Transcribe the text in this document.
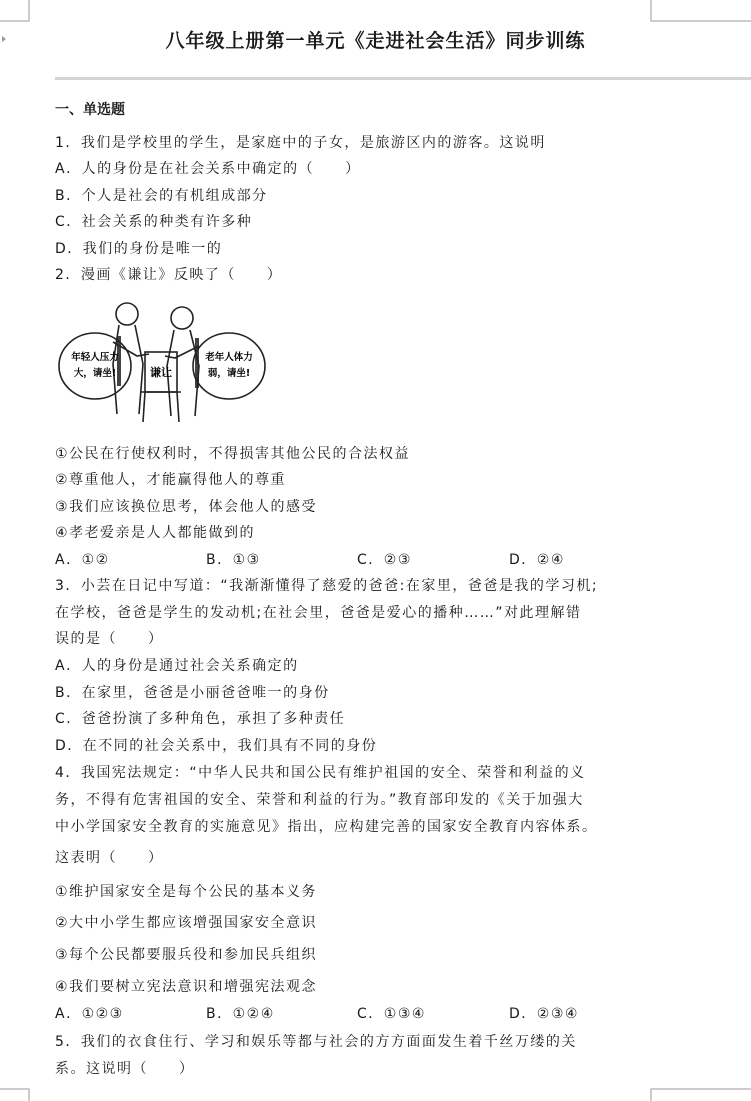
八年级上册第一单元《走进社会生活》同步训练
一、单选题
1．我们是学校里的学生，是家庭中的子女，是旅游区内的游客。这说明
A．人的身份是在社会关系中确定的（　　）
B．个人是社会的有机组成部分
C．社会关系的种类有许多种
D．我们的身份是唯一的
2．漫画《谦让》反映了（　　）
年轻人压力
大，请坐!
老年人体力
弱，请坐!
谦让
①公民在行使权利时，不得损害其他公民的合法权益
②尊重他人，才能赢得他人的尊重
③我们应该换位思考，体会他人的感受
④孝老爱亲是人人都能做到的
A．①②	B．①③	C．②③	D．②④
3．小芸在日记中写道：“我渐渐懂得了慈爱的爸爸:在家里，爸爸是我的学习机;
在学校，爸爸是学生的发动机;在社会里，爸爸是爱心的播种……”对此理解错
误的是（　　）
A．人的身份是通过社会关系确定的
B．在家里，爸爸是小丽爸爸唯一的身份
C．爸爸扮演了多种角色，承担了多种责任
D．在不同的社会关系中，我们具有不同的身份
4．我国宪法规定：“中华人民共和国公民有维护祖国的安全、荣誉和利益的义
务，不得有危害祖国的安全、荣誉和利益的行为。”教育部印发的《关于加强大
中小学国家安全教育的实施意见》指出，应构建完善的国家安全教育内容体系。
这表明（　　）
①维护国家安全是每个公民的基本义务
②大中小学生都应该增强国家安全意识
③每个公民都要服兵役和参加民兵组织
④我们要树立宪法意识和增强宪法观念
A．①②③	B．①②④	C．①③④	D．②③④
5．我们的衣食住行、学习和娱乐等都与社会的方方面面发生着千丝万缕的关
系。这说明（　　）
